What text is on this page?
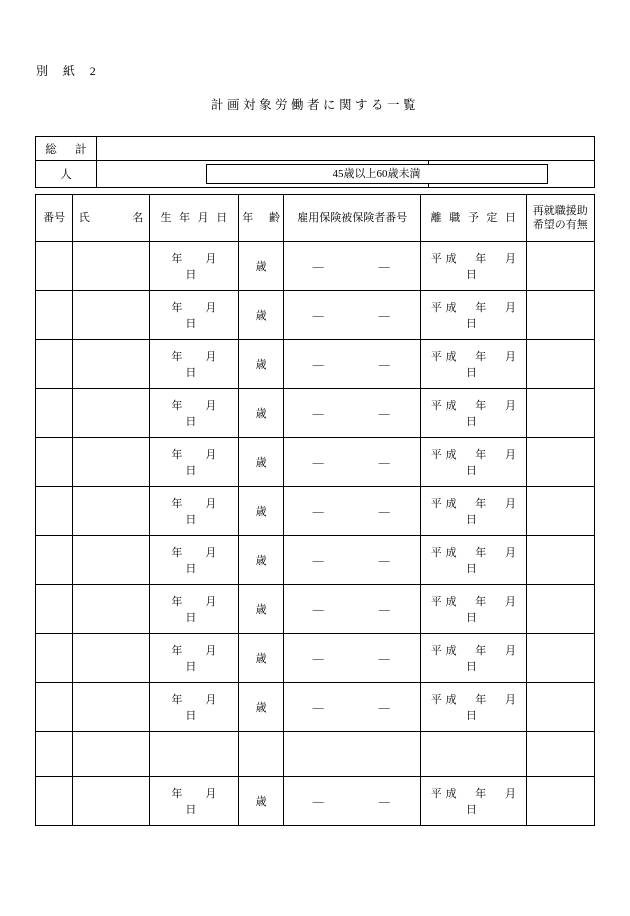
別　紙　2
計画対象労働者に関する一覧
総　計			
人		45歳以上60歳未満

番号	氏　　　名	生 年 月 日	年　齢	雇用保険被保険者番号	離 職 予 定 日	再就職援助
希望の有無

		年　月　日	歳	―　　　　―	平成　年　月　日	
		年　月　日	歳	―　　　　―	平成　年　月　日	
		年　月　日	歳	―　　　　―	平成　年　月　日	
		年　月　日	歳	―　　　　―	平成　年　月　日	
		年　月　日	歳	―　　　　―	平成　年　月　日	
		年　月　日	歳	―　　　　―	平成　年　月　日	
		年　月　日	歳	―　　　　―	平成　年　月　日	
		年　月　日	歳	―　　　　―	平成　年　月　日	
		年　月　日	歳	―　　　　―	平成　年　月　日	
		年　月　日	歳	―　　　　―	平成　年　月　日	

		年　月　日	歳	―　　　　―	平成　年　月　日	
